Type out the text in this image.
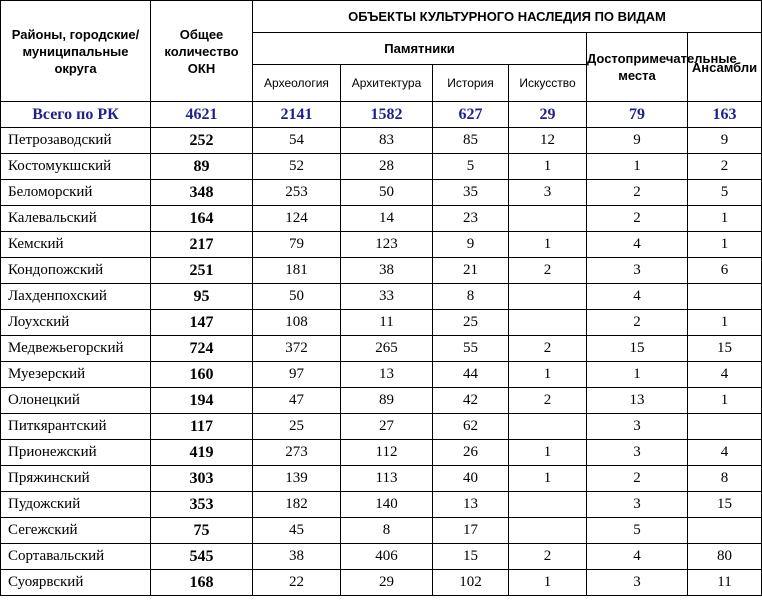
Районы, городские/муниципальные округа	Общее количество ОКН	ОБЪЕКТЫ КУЛЬТУРНОГО НАСЛЕДИЯ ПО ВИДАМ					
		Памятники				Достопримечательные места	Ансамбли
		Археология	Архитектура	История	Искусство		
Всего по РК	4621	2141	1582	627	29	79	163
Петрозаводский	252	54	83	85	12	9	9
Костомукшский	89	52	28	5	1	1	2
Беломорский	348	253	50	35	3	2	5
Калевальский	164	124	14	23		2	1
Кемский	217	79	123	9	1	4	1
Кондопожский	251	181	38	21	2	3	6
Лахденпохский	95	50	33	8		4	
Лоухский	147	108	11	25		2	1
Медвежьегорский	724	372	265	55	2	15	15
Муезерский	160	97	13	44	1	1	4
Олонецкий	194	47	89	42	2	13	1
Питкярантский	117	25	27	62		3	
Прионежский	419	273	112	26	1	3	4
Пряжинский	303	139	113	40	1	2	8
Пудожский	353	182	140	13		3	15
Сегежский	75	45	8	17		5	
Сортавальский	545	38	406	15	2	4	80
Суоярвский	168	22	29	102	1	3	11
